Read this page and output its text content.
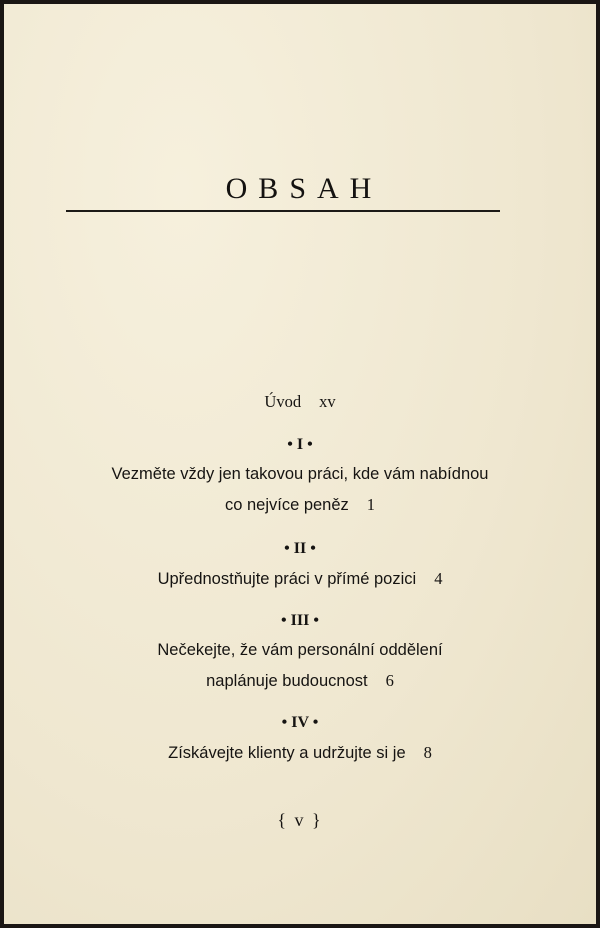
OBSAH
Úvod xv
• I •
Vezměte vždy jen takovou práci, kde vám nabídnou
co nejvíce peněz 1
• II •
Upřednostňujte práci v přímé pozici 4
• III •
Nečekejte, že vám personální oddělení
naplánuje budoucnost 6
• IV •
Získávejte klienty a udržujte si je 8
{ v }
